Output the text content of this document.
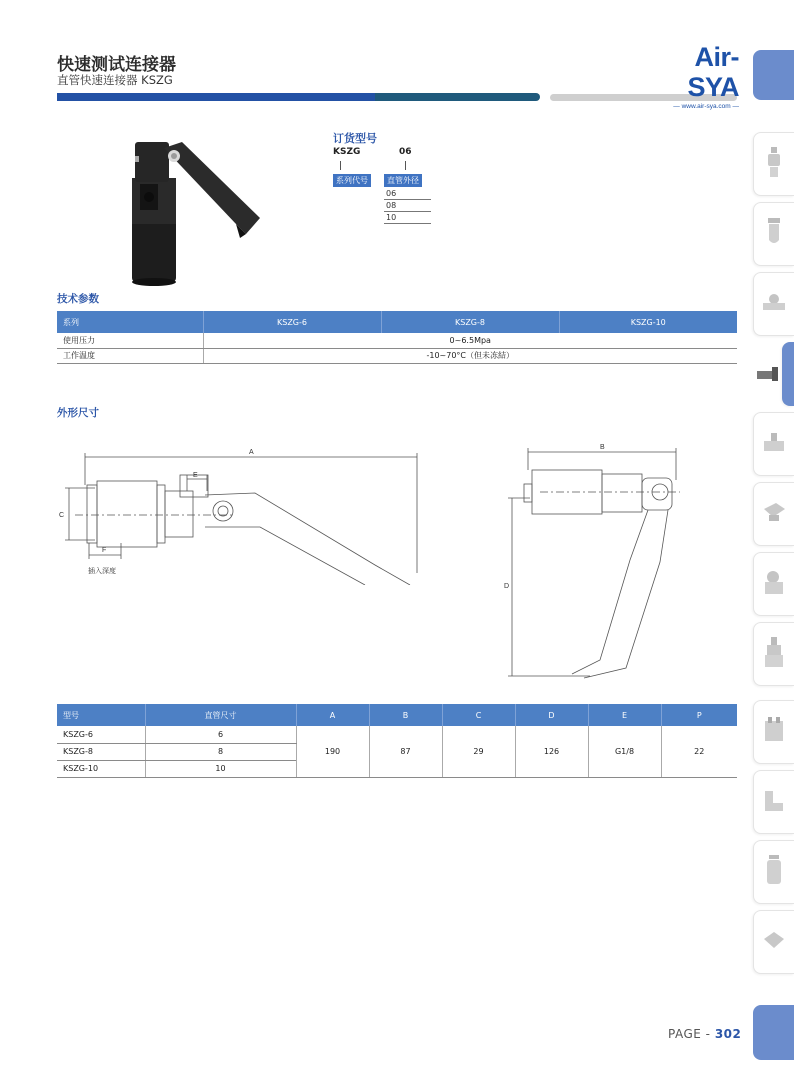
快速测试连接器
直管快速连接器 KSZG
Air-SYA
— www.air-sya.com —
订货型号
KSZG	06
系列代号	直管外径
06
08
10
技术参数
系列	KSZG-6	KSZG-8	KSZG-10
使用压力	0~6.5Mpa		
工作温度	-10~70°C（但未冻結）		
外形尺寸
A
C
E
F
插入深度
B
D
型号	直管尺寸	A	B	C	D	E	P
KSZG-6	6	190	87	29	126	G1/8	22
KSZG-8	8						
KSZG-10	10						
PAGE - 302
